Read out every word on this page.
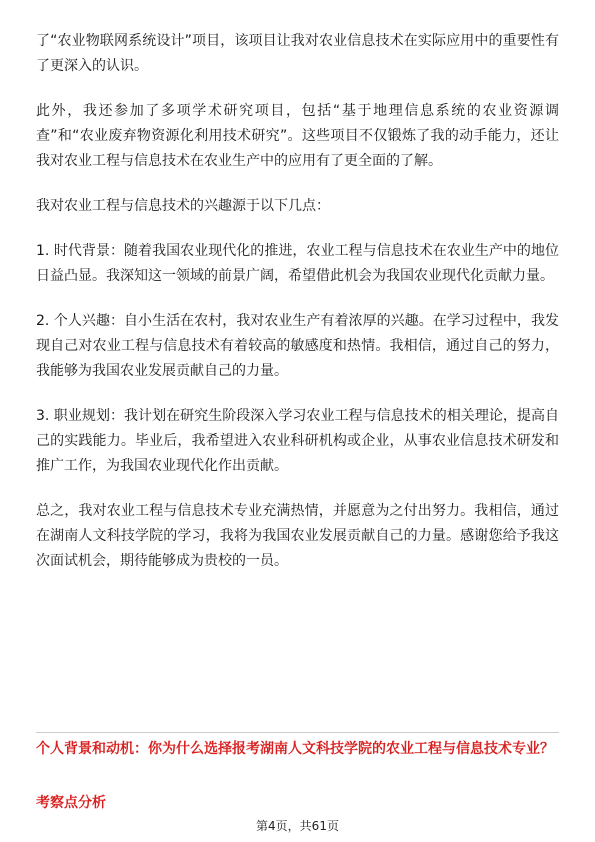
了“农业物联网系统设计”项目，该项目让我对农业信息技术在实际应用中的重要性有了更深入的认识。

此外，我还参加了多项学术研究项目，包括“基于地理信息系统的农业资源调查”和“农业废弃物资源化利用技术研究”。这些项目不仅锻炼了我的动手能力，还让我对农业工程与信息技术在农业生产中的应用有了更全面的了解。

我对农业工程与信息技术的兴趣源于以下几点：

1. 时代背景：随着我国农业现代化的推进，农业工程与信息技术在农业生产中的地位日益凸显。我深知这一领域的前景广阔，希望借此机会为我国农业现代化贡献力量。

2. 个人兴趣：自小生活在农村，我对农业生产有着浓厚的兴趣。在学习过程中，我发现自己对农业工程与信息技术有着较高的敏感度和热情。我相信，通过自己的努力，我能够为我国农业发展贡献自己的力量。

3. 职业规划：我计划在研究生阶段深入学习农业工程与信息技术的相关理论，提高自己的实践能力。毕业后，我希望进入农业科研机构或企业，从事农业信息技术研发和推广工作，为我国农业现代化作出贡献。

总之，我对农业工程与信息技术专业充满热情，并愿意为之付出努力。我相信，通过在湖南人文科技学院的学习，我将为我国农业发展贡献自己的力量。感谢您给予我这次面试机会，期待能够成为贵校的一员。

个人背景和动机：你为什么选择报考湖南人文科技学院的农业工程与信息技术专业？

考察点分析

第4页，共61页
